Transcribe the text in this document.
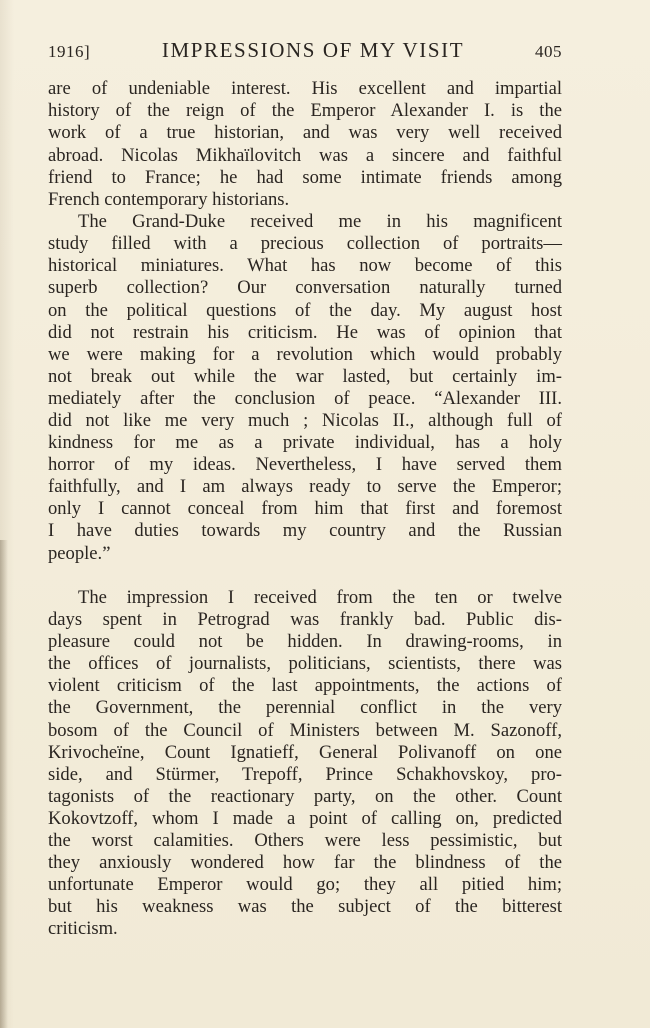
1916]	IMPRESSIONS OF MY VISIT	405
are of undeniable interest. His excellent and impartial
history of the reign of the Emperor Alexander I. is the
work of a true historian, and was very well received
abroad. Nicolas Mikhaïlovitch was a sincere and faithful
friend to France; he had some intimate friends among
French contemporary historians.
The Grand-Duke received me in his magnificent
study filled with a precious collection of portraits—
historical miniatures. What has now become of this
superb collection? Our conversation naturally turned
on the political questions of the day. My august host
did not restrain his criticism. He was of opinion that
we were making for a revolution which would probably
not break out while the war lasted, but certainly im-
mediately after the conclusion of peace. “Alexander III.
did not like me very much ; Nicolas II., although full of
kindness for me as a private individual, has a holy
horror of my ideas. Nevertheless, I have served them
faithfully, and I am always ready to serve the Emperor;
only I cannot conceal from him that first and foremost
I have duties towards my country and the Russian
people.”
The impression I received from the ten or twelve
days spent in Petrograd was frankly bad. Public dis-
pleasure could not be hidden. In drawing-rooms, in
the offices of journalists, politicians, scientists, there was
violent criticism of the last appointments, the actions of
the Government, the perennial conflict in the very
bosom of the Council of Ministers between M. Sazonoff,
Krivocheïne, Count Ignatieff, General Polivanoff on one
side, and Stürmer, Trepoff, Prince Schakhovskoy, pro-
tagonists of the reactionary party, on the other. Count
Kokovtzoff, whom I made a point of calling on, predicted
the worst calamities. Others were less pessimistic, but
they anxiously wondered how far the blindness of the
unfortunate Emperor would go; they all pitied him;
but his weakness was the subject of the bitterest
criticism.
